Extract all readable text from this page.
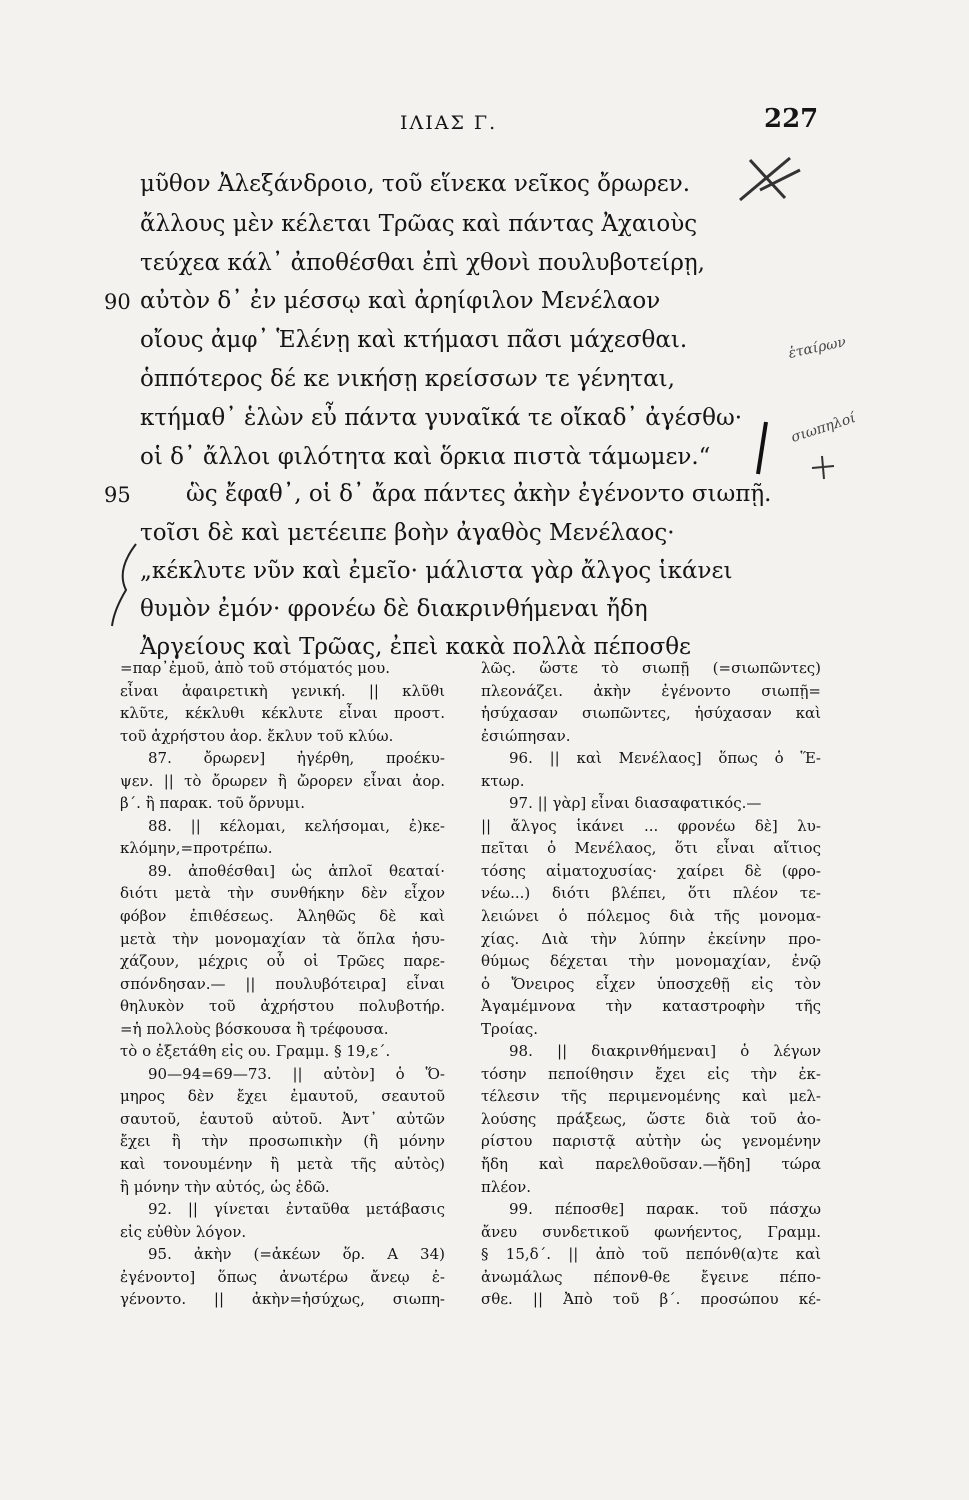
ΙΛΙΑΣ Γ.	227
μῦθον Ἀλεξάνδροιο, τοῦ εἵνεκα νεῖκος ὄρωρεν.
ἄλλους μὲν κέλεται Τρῶας καὶ πάντας Ἀχαιοὺς
τεύχεα κάλ᾽ ἀποθέσθαι ἐπὶ χθονὶ πουλυβοτείρῃ,
90 αὐτὸν δ᾽ ἐν μέσσῳ καὶ ἀρηίφιλον Μενέλαον
οἴους ἀμφ᾽ Ἑλένῃ καὶ κτήμασι πᾶσι μάχεσθαι.
ὁππότερος δέ κε νικήσῃ κρείσσων τε γένηται,
κτήμαθ᾽ ἑλὼν εὖ πάντα γυναῖκά τε οἴκαδ᾽ ἀγέσθω·
οἱ δ᾽ ἄλλοι φιλότητα καὶ ὅρκια πιστὰ τάμωμεν.“
95 ὣς ἔφαθ᾽, οἱ δ᾽ ἄρα πάντες ἀκὴν ἐγένοντο σιωπῇ.
τοῖσι δὲ καὶ μετέειπε βοὴν ἀγαθὸς Μενέλαος·
„κέκλυτε νῦν καὶ ἐμεῖο· μάλιστα γὰρ ἄλγος ἱκάνει
θυμὸν ἐμόν· φρονέω δὲ διακρινθήμεναι ἤδη
Ἀργείους καὶ Τρῶας, ἐπεὶ κακὰ πολλὰ πέποσθε
ἑταίρων
σιωπηλοί
=παρ᾽ἐμοῦ, ἀπὸ τοῦ στόματός μου.
εἶναι ἀφαιρετικὴ γενική. || κλῦθι
κλῦτε, κέκλυθι κέκλυτε εἶναι προστ.
τοῦ ἀχρήστου ἀορ. ἔκλυν τοῦ κλύω.
87. ὄρωρεν] ἠγέρθη, προέκυ-
ψεν. || τὸ ὄρωρεν ἢ ὤρορεν εἶναι ἀορ.
β΄. ἢ παρακ. τοῦ ὄρνυμι.
88. || κέλομαι, κελήσομαι, ἐ)κε-
κλόμην,=προτρέπω.
89. ἀποθέσθαι] ὡς ἁπλοῖ θεαταί·
διότι μετὰ τὴν συνθήκην δὲν εἶχον
φόβον ἐπιθέσεως. Ἀληθῶς δὲ καὶ
μετὰ τὴν μονομαχίαν τὰ ὅπλα ἡσυ-
χάζουν, μέχρις οὗ οἱ Τρῶες παρε-
σπόνδησαν.— || πουλυβότειρα] εἶναι
θηλυκὸν τοῦ ἀχρήστου πολυβοτήρ.
=ἡ πολλοὺς βόσκουσα ἢ τρέφουσα.
τὸ ο ἐξετάθη εἰς ου. Γραμμ. § 19,ε΄.
90—94=69—73. || αὐτὸν] ὁ Ὅ-
μηρος δὲν ἔχει ἐμαυτοῦ, σεαυτοῦ
σαυτοῦ, ἑαυτοῦ αὑτοῦ. Ἀντ᾽ αὐτῶν
ἔχει ἢ τὴν προσωπικὴν (ἢ μόνην
καὶ τονουμένην ἢ μετὰ τῆς αὐτὸς)
ἢ μόνην τὴν αὐτός, ὡς ἐδῶ.
92. || γίνεται ἐνταῦθα μετάβασις
εἰς εὐθὺν λόγον.
95. ἀκὴν (=ἀκέων ὅρ. Α 34)
ἐγένοντο] ὅπως ἀνωτέρω ἄνεῳ ἐ-
γένοντο. || ἀκὴν=ἡσύχως, σιωπη-
λῶς. ὥστε τὸ σιωπῇ (=σιωπῶντες)
πλεονάζει. ἀκὴν ἐγένοντο σιωπῇ=
ἡσύχασαν σιωπῶντες, ἡσύχασαν καὶ
ἐσιώπησαν.
96. || καὶ Μενέλαος] ὅπως ὁ Ἕ-
κτωρ.
97. || γὰρ] εἶναι διασαφατικός.—
|| ἄλγος ἱκάνει ... φρονέω δὲ] λυ-
πεῖται ὁ Μενέλαος, ὅτι εἶναι αἴτιος
τόσης αἱματοχυσίας· χαίρει δὲ (φρο-
νέω...) διότι βλέπει, ὅτι πλέον τε-
λειώνει ὁ πόλεμος διὰ τῆς μονομα-
χίας. Διὰ τὴν λύπην ἐκείνην προ-
θύμως δέχεται τὴν μονομαχίαν, ἐνῷ
ὁ Ὄνειρος εἶχεν ὑποσχεθῇ εἰς τὸν
Ἀγαμέμνονα τὴν καταστροφὴν τῆς
Τροίας.
98. || διακρινθήμεναι] ὁ λέγων
τόσην πεποίθησιν ἔχει εἰς τὴν ἐκ-
τέλεσιν τῆς περιμενομένης καὶ μελ-
λούσης πράξεως, ὥστε διὰ τοῦ ἀο-
ρίστου παριστᾷ αὐτὴν ὡς γενομένην
ἤδη καὶ παρελθοῦσαν.—ἤδη] τώρα
πλέον.
99. πέποσθε] παρακ. τοῦ πάσχω
ἄνευ συνδετικοῦ φωνήεντος, Γραμμ.
§ 15,δ΄. || ἀπὸ τοῦ πεπόνθ(α)τε καὶ
ἀνωμάλως πέπονθ-θε ἔγεινε πέπο-
σθε. || Ἀπὸ τοῦ β΄. προσώπου κέ-
